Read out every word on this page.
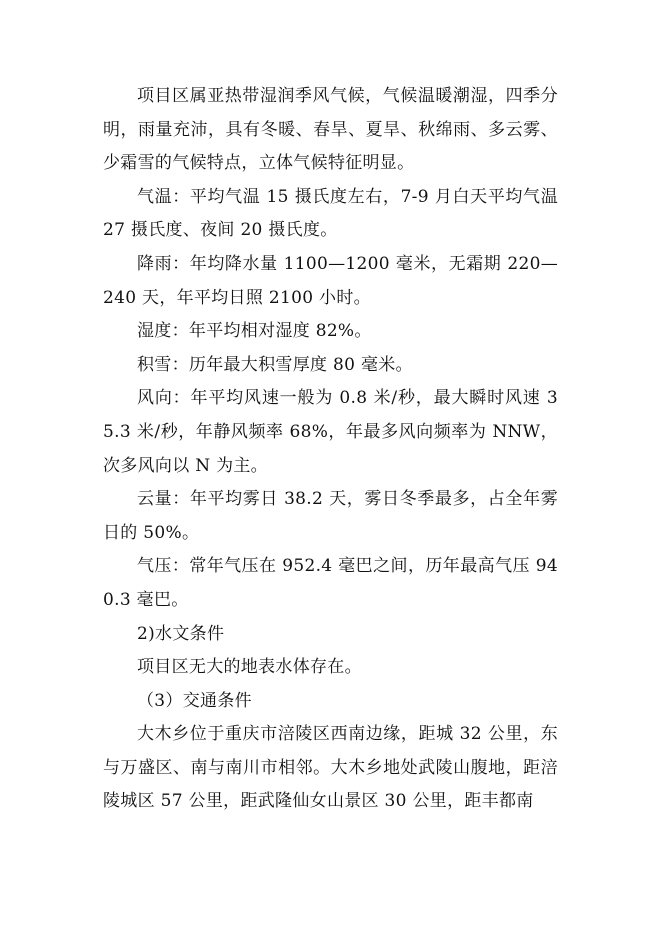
项目区属亚热带湿润季风气候，气候温暖潮湿，四季分明，雨量充沛，具有冬暖、春旱、夏旱、秋绵雨、多云雾、少霜雪的气候特点，立体气候特征明显。

气温：平均气温 15 摄氏度左右，7-9 月白天平均气温 27 摄氏度、夜间 20 摄氏度。

降雨：年均降水量 1100—1200 毫米，无霜期 220—240 天，年平均日照 2100 小时。

湿度：年平均相对湿度 82%。

积雪：历年最大积雪厚度 80 毫米。

风向：年平均风速一般为 0.8 米/秒，最大瞬时风速 35.3 米/秒，年静风频率 68%，年最多风向频率为 NNW，次多风向以 N 为主。

云量：年平均雾日 38.2 天，雾日冬季最多，占全年雾日的 50%。

气压：常年气压在 952.4 毫巴之间，历年最高气压 940.3 毫巴。

2)水文条件

项目区无大的地表水体存在。

（3）交通条件

大木乡位于重庆市涪陵区西南边缘，距城 32 公里，东与万盛区、南与南川市相邻。大木乡地处武陵山腹地，距涪陵城区 57 公里，距武隆仙女山景区 30 公里，距丰都南
